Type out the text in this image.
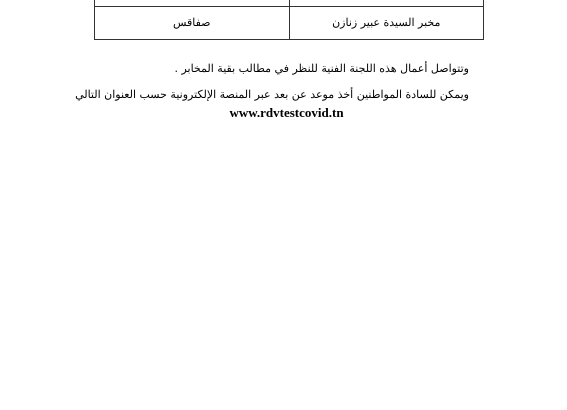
مخبر السيدة عبير زنازن	صفاقس
وتتواصل أعمال هذه اللجنة الفنية للنظر في مطالب بقية المخابر .
ويمكن للسادة المواطنين أخذ موعد عن بعد عبر المنصة الإلكترونية حسب العنوان التالي
www.rdvtestcovid.tn
